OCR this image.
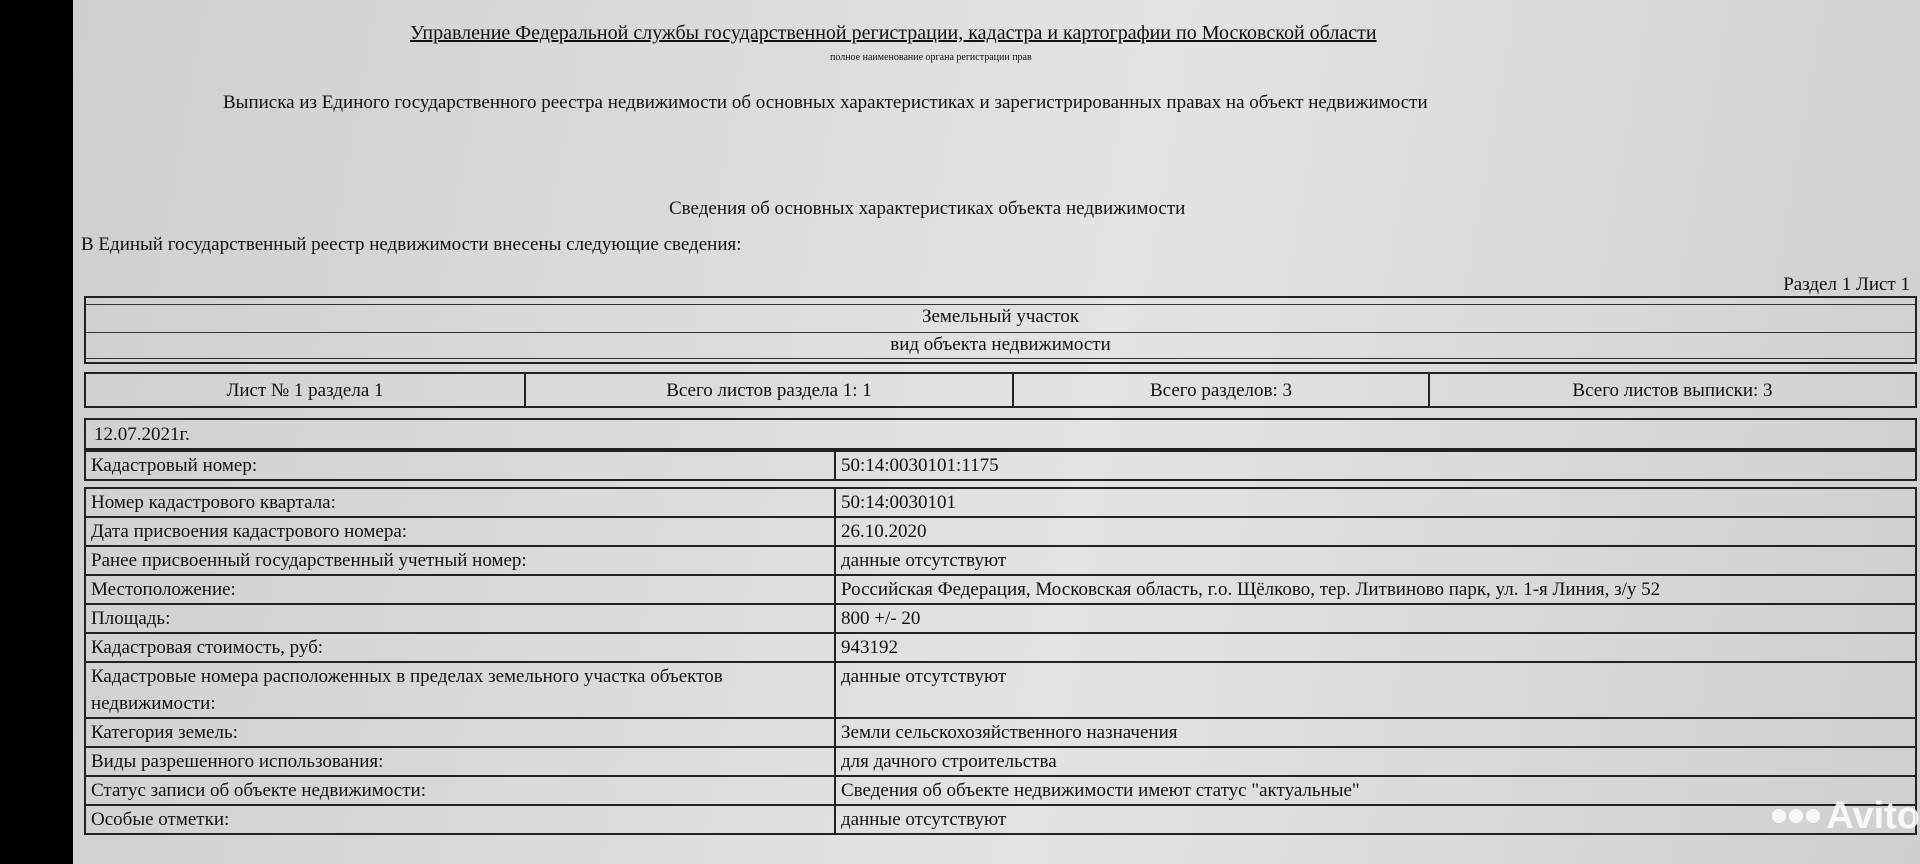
Управление Федеральной службы государственной регистрации, кадастра и картографии по Московской области
полное наименование органа регистрации прав
Выписка из Единого государственного реестра недвижимости об основных характеристиках и зарегистрированных правах на объект недвижимости
Сведения об основных характеристиках объекта недвижимости
В Единый государственный реестр недвижимости внесены следующие сведения:
Раздел 1 Лист 1
Земельный участок
вид объекта недвижимости
Лист № 1 раздела 1	Всего листов раздела 1: 1	Всего разделов: 3	Всего листов выписки: 3
12.07.2021г.
Кадастровый номер:	50:14:0030101:1175

Номер кадастрового квартала:	50:14:0030101
Дата присвоения кадастрового номера:	26.10.2020
Ранее присвоенный государственный учетный номер:	данные отсутствуют
Местоположение:	Российская Федерация, Московская область, г.о. Щёлково, тер. Литвиново парк, ул. 1-я Линия, з/у 52
Площадь:	800 +/- 20
Кадастровая стоимость, руб:	943192
Кадастровые номера расположенных в пределах земельного участка объектов недвижимости:	данные отсутствуют
Категория земель:	Земли сельскохозяйственного назначения
Виды разрешенного использования:	для дачного строительства
Статус записи об объекте недвижимости:	Сведения об объекте недвижимости имеют статус "актуальные"
Особые отметки:	данные отсутствуют	Avito
